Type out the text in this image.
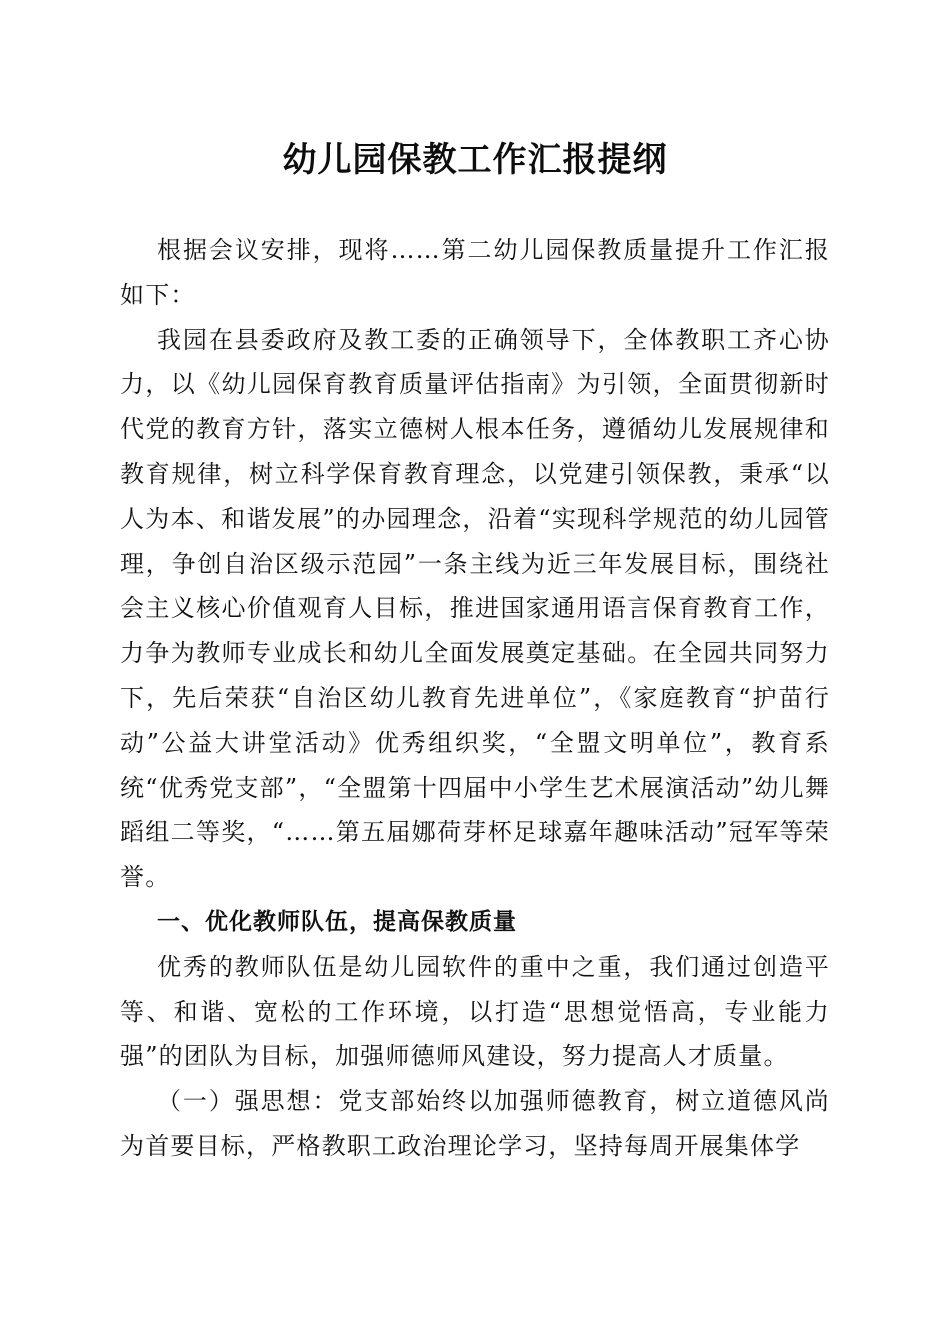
幼儿园保教工作汇报提纲

根据会议安排，现将……第二幼儿园保教质量提升工作汇报如下：

我园在县委政府及教工委的正确领导下，全体教职工齐心协力，以《幼儿园保育教育质量评估指南》为引领，全面贯彻新时代党的教育方针，落实立德树人根本任务，遵循幼儿发展规律和教育规律，树立科学保育教育理念，以党建引领保教，秉承“以人为本、和谐发展”的办园理念，沿着“实现科学规范的幼儿园管理，争创自治区级示范园”一条主线为近三年发展目标，围绕社会主义核心价值观育人目标，推进国家通用语言保育教育工作，力争为教师专业成长和幼儿全面发展奠定基础。在全园共同努力下，先后荣获“自治区幼儿教育先进单位”，《家庭教育“护苗行动”公益大讲堂活动》优秀组织奖，“全盟文明单位”，教育系统“优秀党支部”，“全盟第十四届中小学生艺术展演活动”幼儿舞蹈组二等奖，“……第五届娜荷芽杯足球嘉年趣味活动”冠军等荣誉。

一、优化教师队伍，提高保教质量

优秀的教师队伍是幼儿园软件的重中之重，我们通过创造平等、和谐、宽松的工作环境，以打造“思想觉悟高，专业能力强”的团队为目标，加强师德师风建设，努力提高人才质量。

（一）强思想：党支部始终以加强师德教育，树立道德风尚为首要目标，严格教职工政治理论学习，坚持每周开展集体学
